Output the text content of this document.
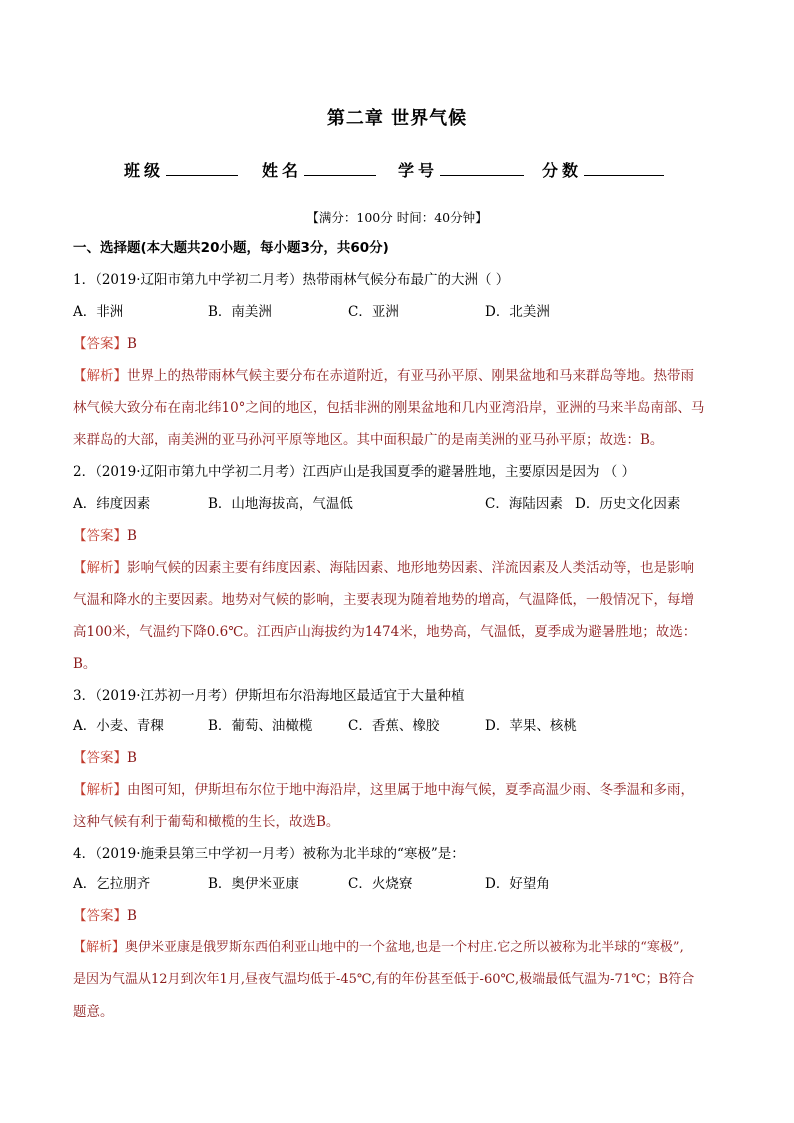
第二章 世界气候
班级	姓名	学号	分数
【满分：100分 时间：40分钟】
一、选择题(本大题共20小题，每小题3分，共60分)
1．（2019·辽阳市第九中学初二月考）热带雨林气候分布最广的大洲（ ）
A．非洲	B．南美洲	C．亚洲	D．北美洲
【答案】B
【解析】世界上的热带雨林气候主要分布在赤道附近，有亚马孙平原、刚果盆地和马来群岛等地。热带雨
林气候大致分布在南北纬10°之间的地区，包括非洲的刚果盆地和几内亚湾沿岸，亚洲的马来半岛南部、马
来群岛的大部，南美洲的亚马孙河平原等地区。其中面积最广的是南美洲的亚马孙平原；故选：B。
2．（2019·辽阳市第九中学初二月考）江西庐山是我国夏季的避暑胜地，主要原因是因为 （ ）
A．纬度因素	B．山地海拔高，气温低	C．海陆因素 D．历史文化因素
【答案】B
【解析】影响气候的因素主要有纬度因素、海陆因素、地形地势因素、洋流因素及人类活动等，也是影响
气温和降水的主要因素。地势对气候的影响，主要表现为随着地势的增高，气温降低，一般情况下，每增
高100米，气温约下降0.6℃。江西庐山海拔约为1474米，地势高，气温低，夏季成为避暑胜地；故选：
B。
3．（2019·江苏初一月考）伊斯坦布尔沿海地区最适宜于大量种植
A．小麦、青稞	B．葡萄、油橄榄	C．香蕉、橡胶	D．苹果、核桃
【答案】B
【解析】由图可知，伊斯坦布尔位于地中海沿岸，这里属于地中海气候，夏季高温少雨、冬季温和多雨，
这种气候有利于葡萄和橄榄的生长，故选B。
4．（2019·施秉县第三中学初一月考）被称为北半球的“寒极”是：
A．乞拉朋齐	B．奥伊米亚康	C．火烧寮	D．好望角
【答案】B
【解析】奥伊米亚康是俄罗斯东西伯利亚山地中的一个盆地,也是一个村庄.它之所以被称为北半球的“寒极”,
是因为气温从12月到次年1月,昼夜气温均低于-45℃,有的年份甚至低于-60℃,极端最低气温为-71℃；B符合
题意。
